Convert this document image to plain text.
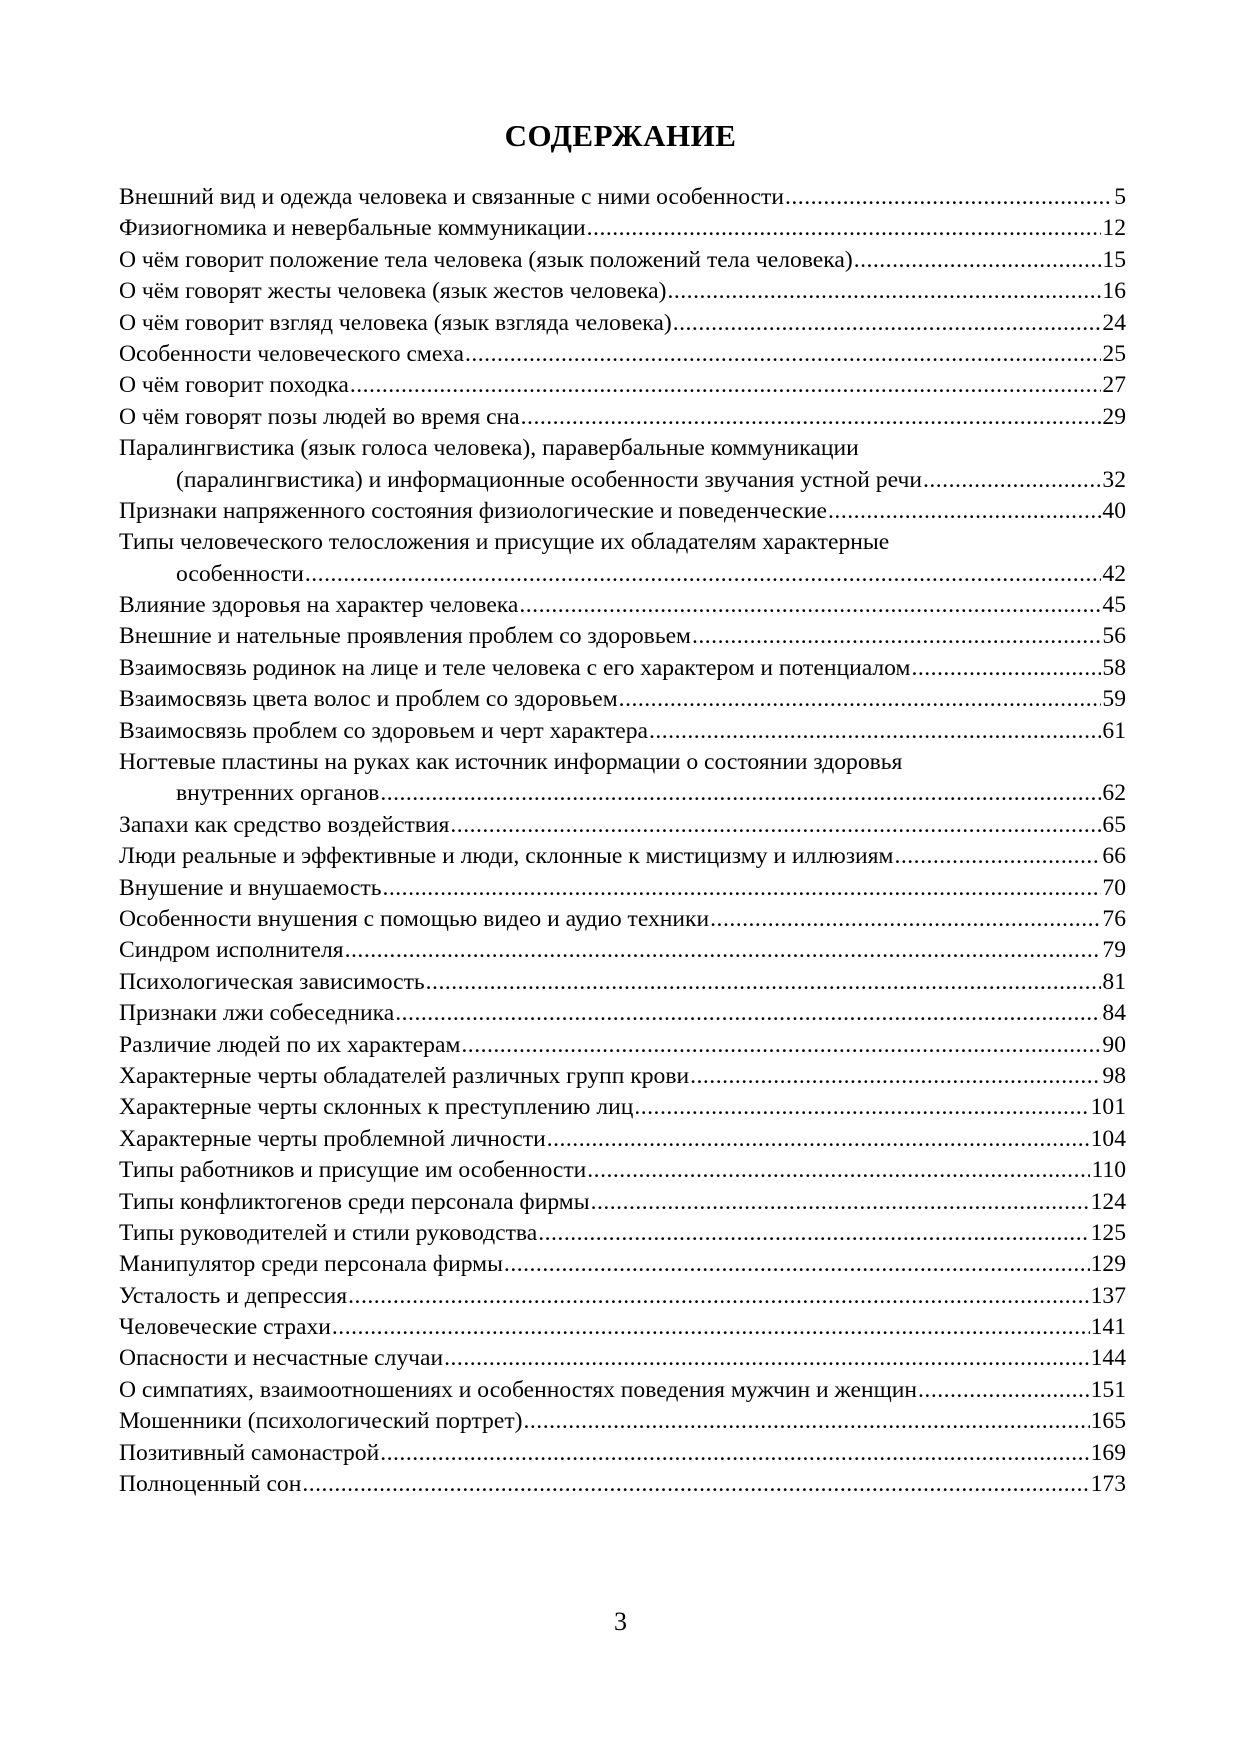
СОДЕРЖАНИЕ
Внешний вид и одежда человека и связанные с ними особенности .....	5
Физиогномика и невербальные коммуникации .....	12
О чём говорит положение тела человека (язык положений тела человека) .....	15
О чём говорят жесты человека (язык жестов человека) .....	16
О чём говорит взгляд человека (язык взгляда человека) .....	24
Особенности человеческого смеха .....	25
О чём говорит походка .....	27
О чём говорят позы людей во время сна .....	29
Паралингвистика (язык голоса человека), паравербальные коммуникации
(паралингвистика) и информационные особенности звучания устной речи .....	32
Признаки напряженного состояния физиологические и поведенческие .....	40
Типы человеческого телосложения и присущие их обладателям характерные
особенности .....	42
Влияние здоровья на характер человека .....	45
Внешние и нательные проявления проблем со здоровьем .....	56
Взаимосвязь родинок на лице и теле человека с его характером и потенциалом .....	58
Взаимосвязь цвета волос и проблем со здоровьем .....	59
Взаимосвязь проблем со здоровьем и черт характера .....	61
Ногтевые пластины на руках как источник информации о состоянии здоровья
внутренних органов .....	62
Запахи как средство воздействия .....	65
Люди реальные и эффективные и люди, склонные к мистицизму и иллюзиям .....	66
Внушение и внушаемость .....	70
Особенности внушения с помощью видео и аудио техники .....	76
Синдром исполнителя .....	79
Психологическая зависимость .....	81
Признаки лжи собеседника .....	84
Различие людей по их характерам .....	90
Характерные черты обладателей различных групп крови .....	98
Характерные черты склонных к преступлению лиц .....	101
Характерные черты проблемной личности .....	104
Типы работников и присущие им особенности .....	110
Типы конфликтогенов среди персонала фирмы .....	124
Типы руководителей и стили руководства .....	125
Манипулятор среди персонала фирмы .....	129
Усталость и депрессия .....	137
Человеческие страхи .....	141
Опасности и несчастные случаи .....	144
О симпатиях, взаимоотношениях и особенностях поведения мужчин и женщин .....	151
Мошенники (психологический портрет) .....	165
Позитивный самонастрой .....	169
Полноценный сон .....	173
3
